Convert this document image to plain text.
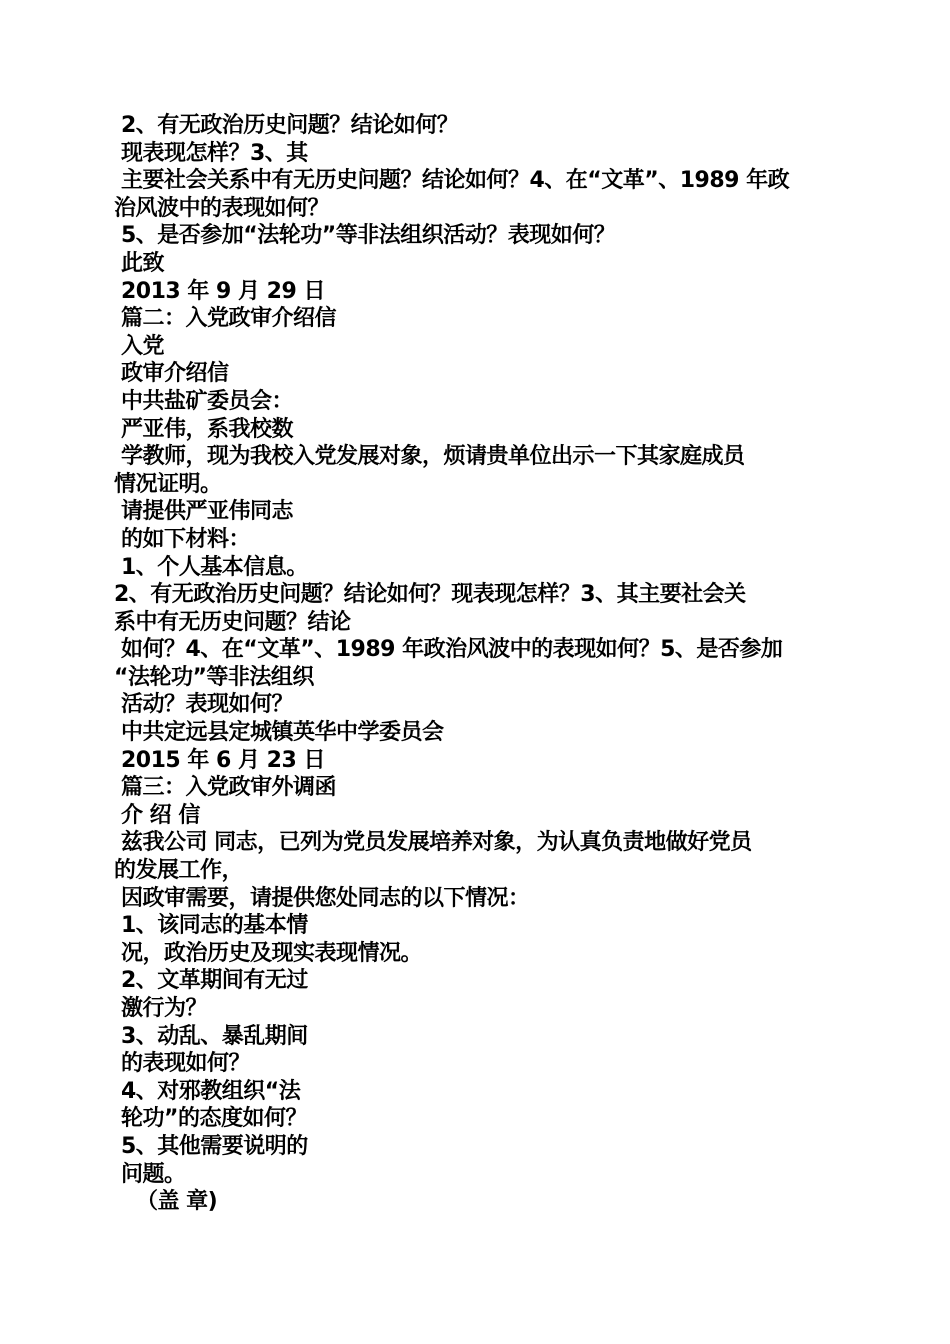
2、有无政治历史问题？结论如何？
现表现怎样？3、其
主要社会关系中有无历史问题？结论如何？4、在“文革”、1989 年政
治风波中的表现如何？
5、是否参加“法轮功”等非法组织活动？表现如何？
此致
2013 年 9 月 29 日
篇二：入党政审介绍信
入党
政审介绍信
中共盐矿委员会：
严亚伟，系我校数
学教师，现为我校入党发展对象，烦请贵单位出示一下其家庭成员
情况证明。
请提供严亚伟同志
的如下材料：
1、个人基本信息。
2、有无政治历史问题？结论如何？现表现怎样？3、其主要社会关
系中有无历史问题？结论
如何？4、在“文革”、1989 年政治风波中的表现如何？5、是否参加
“法轮功”等非法组织
活动？表现如何？
中共定远县定城镇英华中学委员会
2015 年 6 月 23 日
篇三：入党政审外调函
介 绍 信
兹我公司 同志，已列为党员发展培养对象，为认真负责地做好党员
的发展工作，
因政审需要，请提供您处同志的以下情况：
1、该同志的基本情
况，政治历史及现实表现情况。
2、文革期间有无过
激行为？
3、动乱、暴乱期间
的表现如何？
4、对邪教组织“法
轮功”的态度如何？
5、其他需要说明的
问题。
（盖 章)
